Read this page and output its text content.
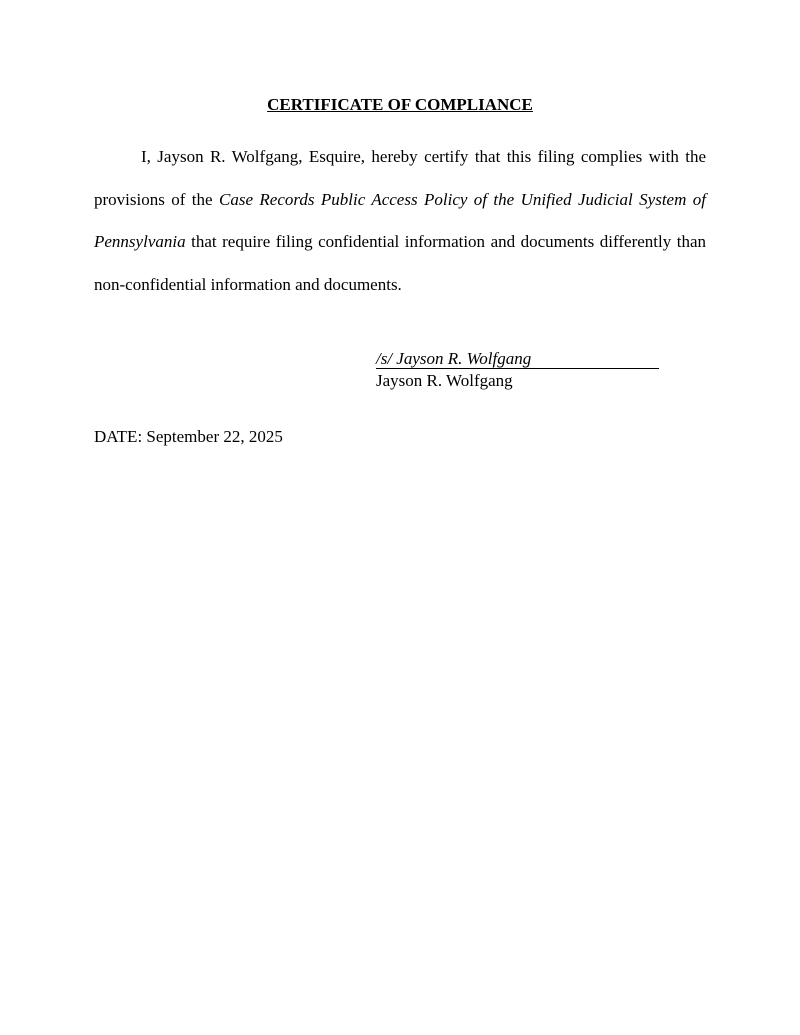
CERTIFICATE OF COMPLIANCE

I, Jayson R. Wolfgang, Esquire, hereby certify that this filing complies with the provisions of the Case Records Public Access Policy of the Unified Judicial System of Pennsylvania that require filing confidential information and documents differently than non-confidential information and documents.

/s/ Jayson R. Wolfgang
Jayson R. Wolfgang
DATE: September 22, 2025
